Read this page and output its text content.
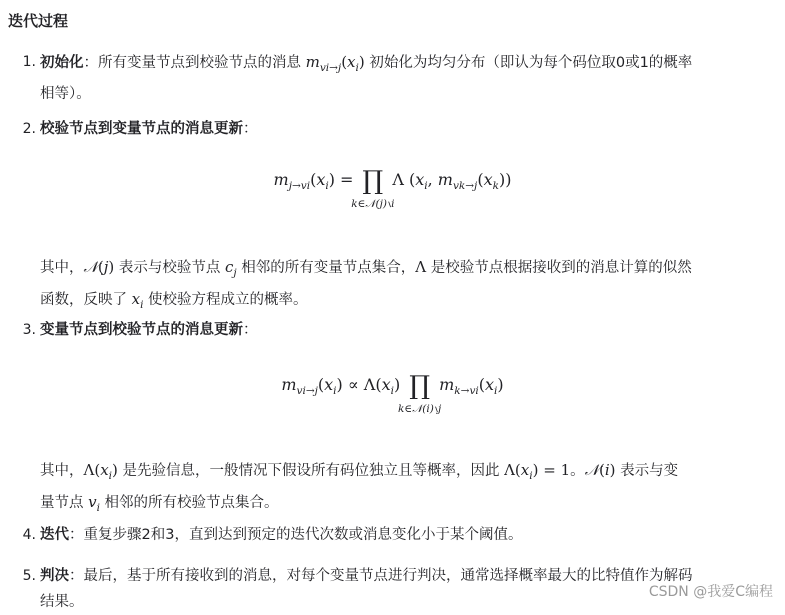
迭代过程
1. 初始化：所有变量节点到校验节点的消息 $m_{vi\to j}(x_i)$ 初始化为均匀分布（即认为每个码位取0或1的概率
相等）。
2. 校验节点到变量节点的消息更新：
$m_{j\to vi}(x_i)$ = ∏
k∈𝒩(j)∖i
Λ ($x_i$, $m_{vk\to j}(x_k)$)
其中，𝒩(j) 表示与校验节点 $c_j$ 相邻的所有变量节点集合，Λ 是校验节点根据接收到的消息计算的似然
函数，反映了 $x_i$ 使校验方程成立的概率。
3. 变量节点到校验节点的消息更新：
$m_{vi\to j}(x_i) \propto \Lambda(x_i)$ ∏
k∈𝒩(i)∖j
$m_{k\to vi}(x_i)$
其中，$\Lambda(x_i)$ 是先验信息，一般情况下假设所有码位独立且等概率，因此 $\Lambda(x_i) = 1$。𝒩(i) 表示与变
量节点 $v_i$ 相邻的所有校验节点集合。
4. 迭代：重复步骤2和3，直到达到预定的迭代次数或消息变化小于某个阈值。
5. 判决：最后，基于所有接收到的消息，对每个变量节点进行判决，通常选择概率最大的比特值作为解码
结果。
CSDN @我爱C编程
